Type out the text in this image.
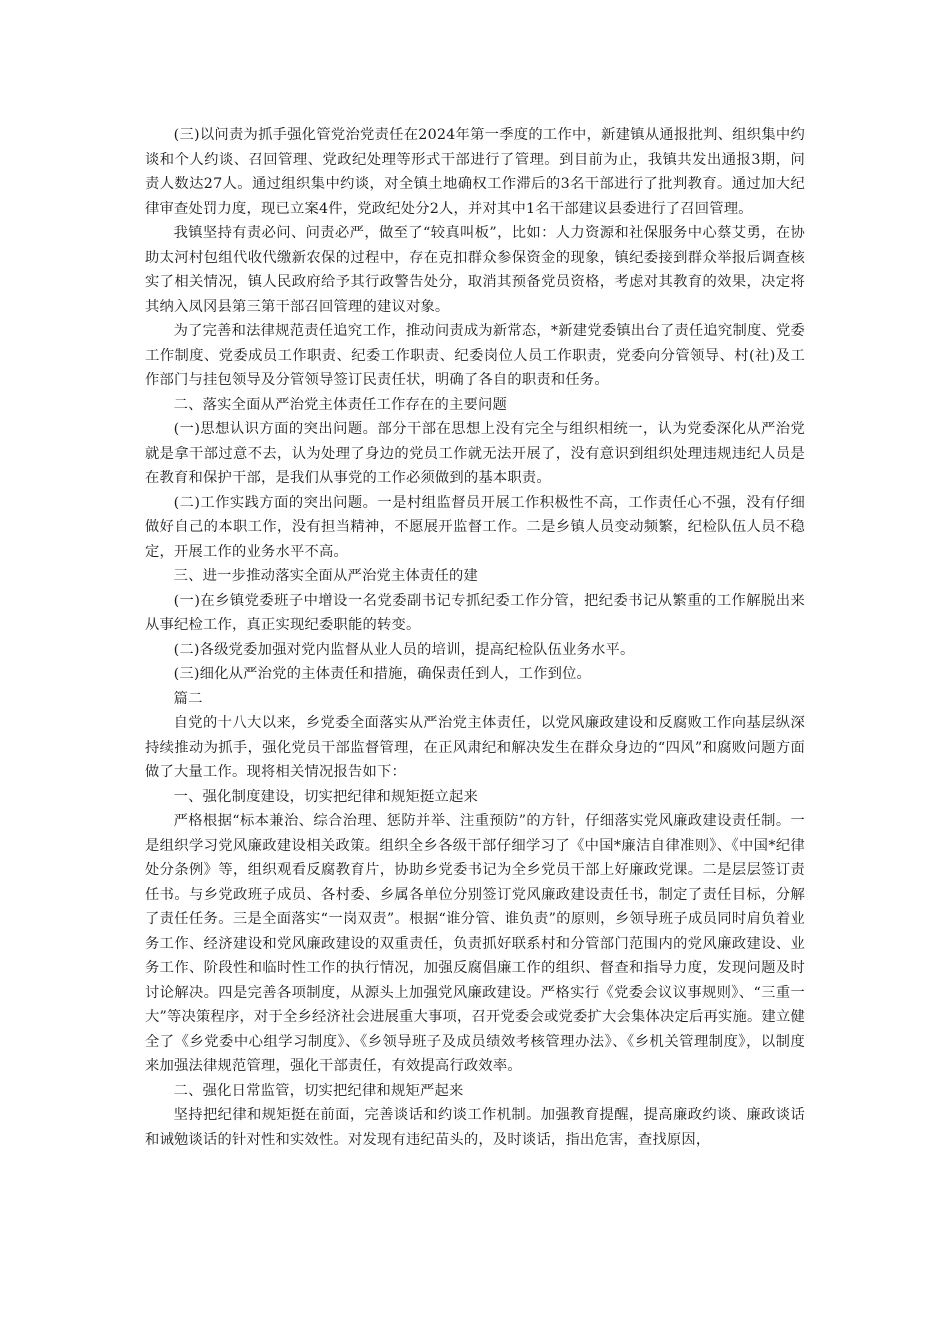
(三)以问责为抓手强化管党治党责任在2024年第一季度的工作中，新建镇从通报批判、组织集中约谈和个人约谈、召回管理、党政纪处理等形式干部进行了管理。到目前为止，我镇共发出通报3期，问责人数达27人。通过组织集中约谈，对全镇土地确权工作滞后的3名干部进行了批判教育。通过加大纪律审查处罚力度，现已立案4件，党政纪处分2人，并对其中1名干部建议县委进行了召回管理。

我镇坚持有责必问、问责必严，做至了“较真叫板”，比如：人力资源和社保服务中心蔡艾勇，在协助太河村包组代收代缴新农保的过程中，存在克扣群众参保资金的现象，镇纪委接到群众举报后调查核实了相关情况，镇人民政府给予其行政警告处分，取消其预备党员资格，考虑对其教育的效果，决定将其纳入凤冈县第三第干部召回管理的建议对象。

为了完善和法律规范责任追究工作，推动问责成为新常态，*新建党委镇出台了责任追究制度、党委工作制度、党委成员工作职责、纪委工作职责、纪委岗位人员工作职责，党委向分管领导、村(社)及工作部门与挂包领导及分管领导签订民责任状，明确了各自的职责和任务。

二、落实全面从严治党主体责任工作存在的主要问题

(一)思想认识方面的突出问题。部分干部在思想上没有完全与组织相统一，认为党委深化从严治党就是拿干部过意不去，认为处理了身边的党员工作就无法开展了，没有意识到组织处理违规违纪人员是在教育和保护干部，是我们从事党的工作必须做到的基本职责。

(二)工作实践方面的突出问题。一是村组监督员开展工作积极性不高，工作责任心不强，没有仔细做好自己的本职工作，没有担当精神，不愿展开监督工作。二是乡镇人员变动频繁，纪检队伍人员不稳定，开展工作的业务水平不高。

三、进一步推动落实全面从严治党主体责任的建

(一)在乡镇党委班子中增设一名党委副书记专抓纪委工作分管，把纪委书记从繁重的工作解脱出来从事纪检工作，真正实现纪委职能的转变。

(二)各级党委加强对党内监督从业人员的培训，提高纪检队伍业务水平。

(三)细化从严治党的主体责任和措施，确保责任到人，工作到位。

篇二

自党的十八大以来，乡党委全面落实从严治党主体责任，以党风廉政建设和反腐败工作向基层纵深持续推动为抓手，强化党员干部监督管理，在正风肃纪和解决发生在群众身边的“四风”和腐败问题方面做了大量工作。现将相关情况报告如下：

一、强化制度建设，切实把纪律和规矩挺立起来

严格根据“标本兼治、综合治理、惩防并举、注重预防”的方针，仔细落实党风廉政建设责任制。一是组织学习党风廉政建设相关政策。组织全乡各级干部仔细学习了《中国*廉洁自律准则》、《中国*纪律处分条例》等，组织观看反腐教育片，协助乡党委书记为全乡党员干部上好廉政党课。二是层层签订责任书。与乡党政班子成员、各村委、乡属各单位分别签订党风廉政建设责任书，制定了责任目标，分解了责任任务。三是全面落实“一岗双责”。根据“谁分管、谁负责”的原则，乡领导班子成员同时肩负着业务工作、经济建设和党风廉政建设的双重责任，负责抓好联系村和分管部门范围内的党风廉政建设、业务工作、阶段性和临时性工作的执行情况，加强反腐倡廉工作的组织、督查和指导力度，发现问题及时讨论解决。四是完善各项制度，从源头上加强党风廉政建设。严格实行《党委会议议事规则》、“三重一大”等决策程序，对于全乡经济社会进展重大事项，召开党委会或党委扩大会集体决定后再实施。建立健全了《乡党委中心组学习制度》、《乡领导班子及成员绩效考核管理办法》、《乡机关管理制度》，以制度来加强法律规范管理，强化干部责任，有效提高行政效率。

二、强化日常监管，切实把纪律和规矩严起来

坚持把纪律和规矩挺在前面，完善谈话和约谈工作机制。加强教育提醒，提高廉政约谈、廉政谈话和诫勉谈话的针对性和实效性。对发现有违纪苗头的，及时谈话，指出危害，查找原因，
